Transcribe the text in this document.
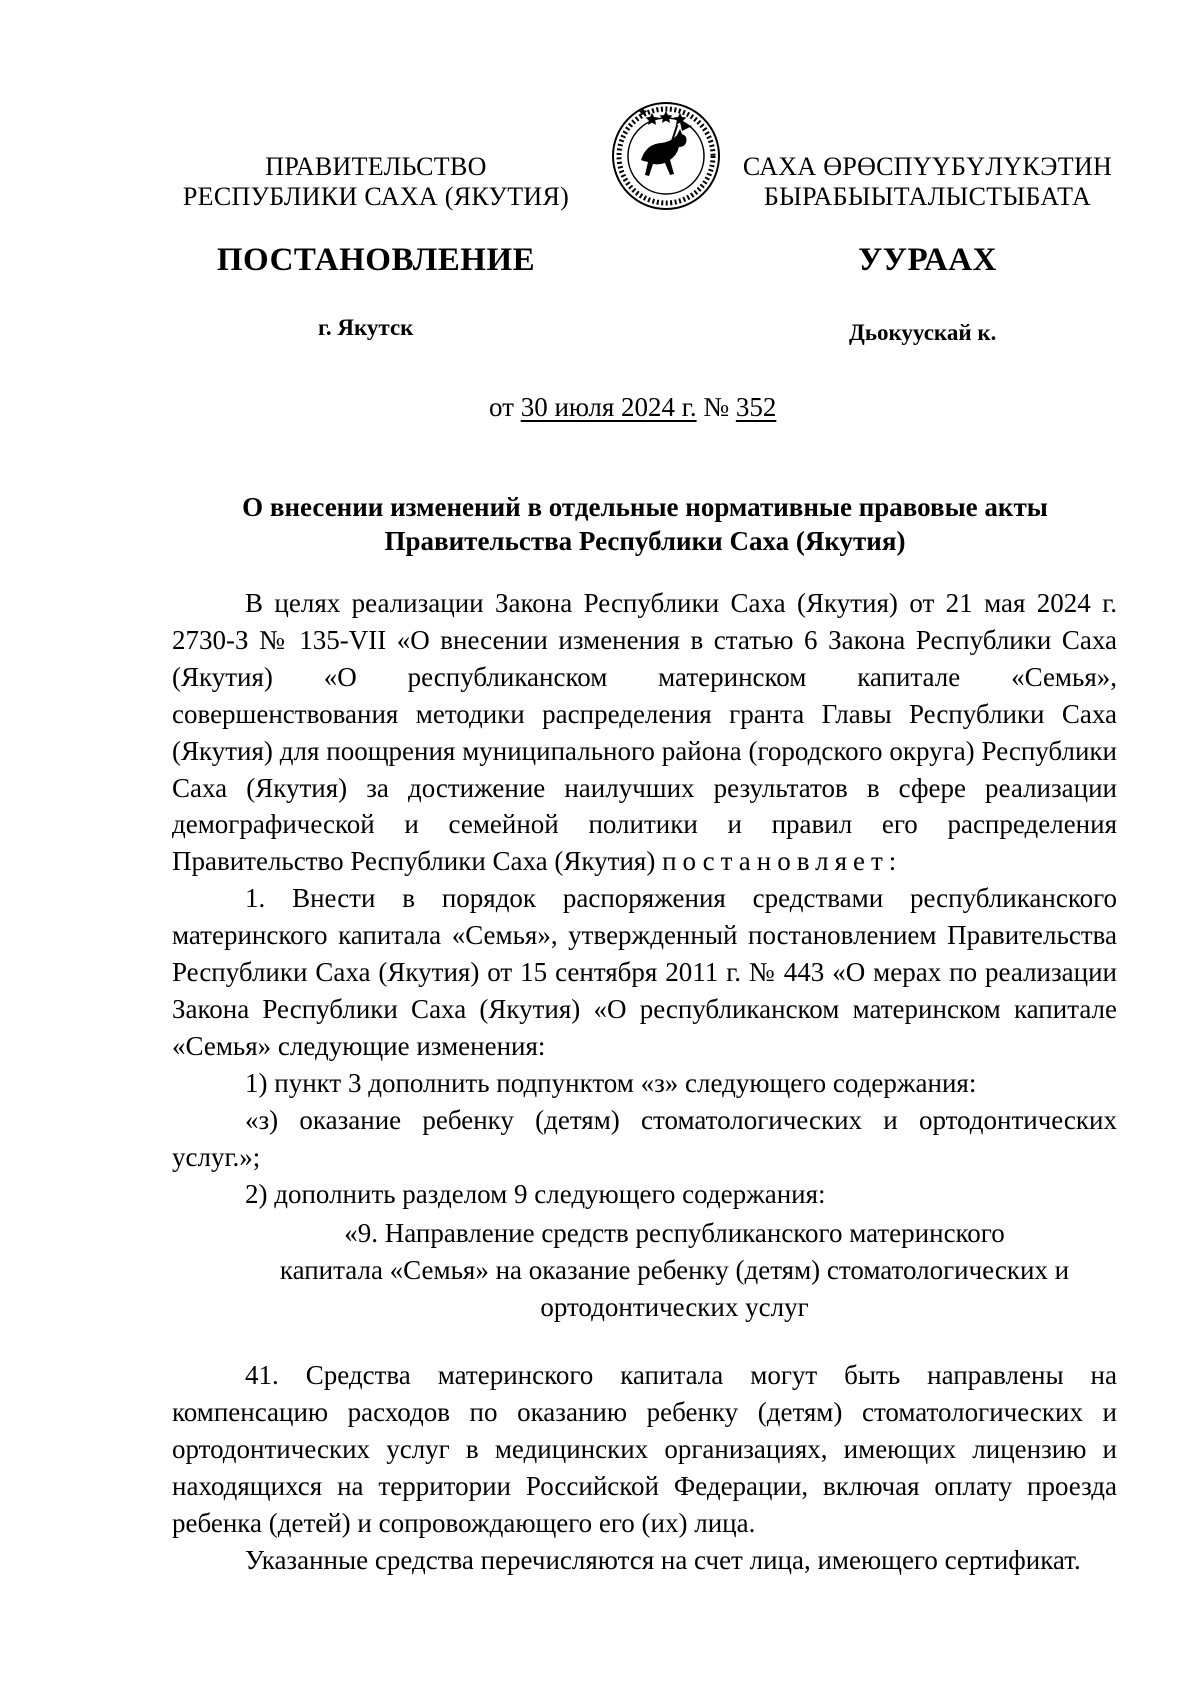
ПРАВИТЕЛЬСТВО
РЕСПУБЛИКИ САХА (ЯКУТИЯ)
САХА ӨРӨСПҮҮБҮЛҮКЭТИН
БЫРАБЫЫТАЛЫСТЫБАТА
ПОСТАНОВЛЕНИЕ	УУРААХ
г. Якутск	Дьокуускай к.
от 30 июля 2024 г. № 352
О внесении изменений в отдельные нормативные правовые акты
Правительства Республики Саха (Якутия)

В целях реализации Закона Республики Саха (Якутия) от 21 мая 2024 г. 2730-З № 135-VII «О внесении изменения в статью 6 Закона Республики Саха (Якутия) «О республиканском материнском капитале «Семья», совершенствования методики распределения гранта Главы Республики Саха (Якутия) для поощрения муниципального района (городского округа) Республики Саха (Якутия) за достижение наилучших результатов в сфере реализации демографической и семейной политики и правил его распределения Правительство Республики Саха (Якутия) постановляет:

1. Внести в порядок распоряжения средствами республиканского материнского капитала «Семья», утвержденный постановлением Правительства Республики Саха (Якутия) от 15 сентября 2011 г. № 443 «О мерах по реализации Закона Республики Саха (Якутия) «О республиканском материнском капитале «Семья» следующие изменения:

1) пункт 3 дополнить подпунктом «з» следующего содержания:

«з) оказание ребенку (детям) стоматологических и ортодонтических услуг.»;

2) дополнить разделом 9 следующего содержания:

«9. Направление средств республиканского материнского
капитала «Семья» на оказание ребенку (детям) стоматологических и
ортодонтических услуг

41. Средства материнского капитала могут быть направлены на компенсацию расходов по оказанию ребенку (детям) стоматологических и ортодонтических услуг в медицинских организациях, имеющих лицензию и находящихся на территории Российской Федерации, включая оплату проезда ребенка (детей) и сопровождающего его (их) лица.

Указанные средства перечисляются на счет лица, имеющего сертификат.
